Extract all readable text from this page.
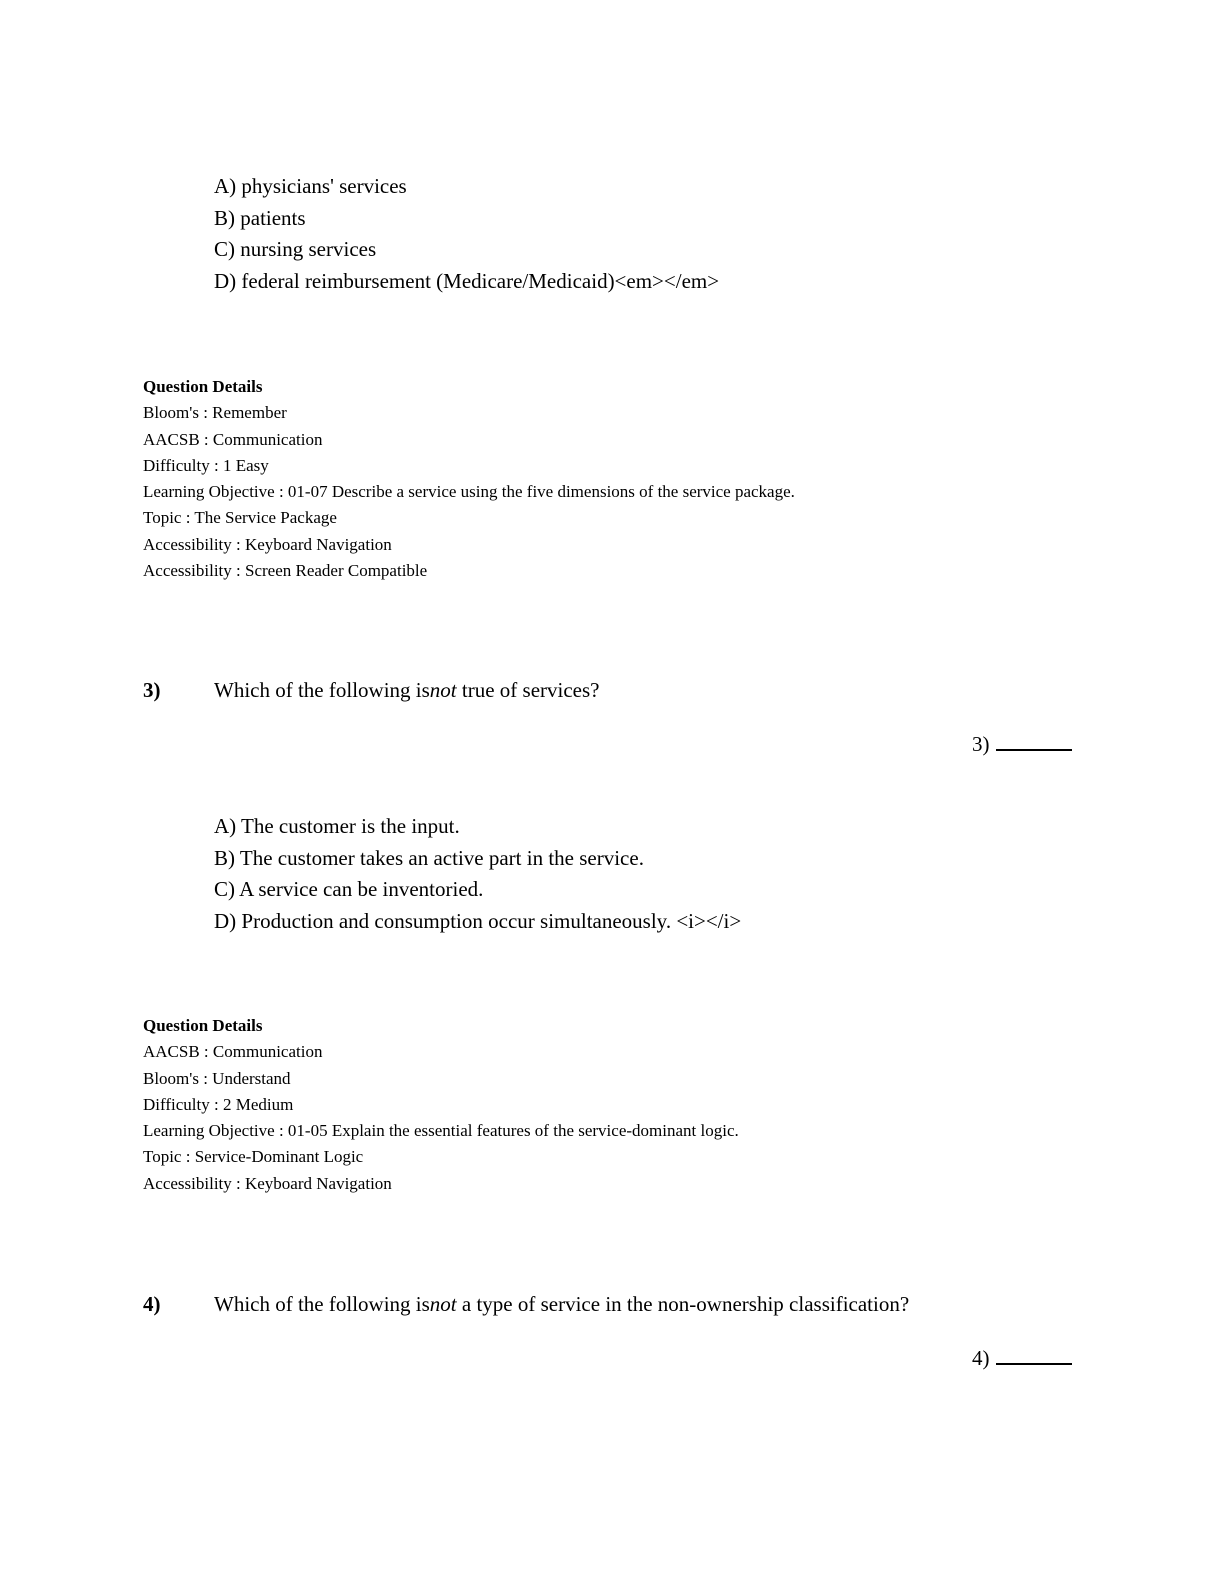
A) physicians' services
B) patients
C) nursing services
D) federal reimbursement (Medicare/Medicaid)<em></em>
Question Details
Bloom's : Remember
AACSB : Communication
Difficulty : 1 Easy
Learning Objective : 01-07 Describe a service using the five dimensions of the service package.
Topic : The Service Package
Accessibility : Keyboard Navigation
Accessibility : Screen Reader Compatible
3)	Which of the following isnot true of services?
3)
A) The customer is the input.
B) The customer takes an active part in the service.
C) A service can be inventoried.
D) Production and consumption occur simultaneously. <i></i>
Question Details
AACSB : Communication
Bloom's : Understand
Difficulty : 2 Medium
Learning Objective : 01-05 Explain the essential features of the service-dominant logic.
Topic : Service-Dominant Logic
Accessibility : Keyboard Navigation
4)	Which of the following isnot a type of service in the non-ownership classification?
4)
